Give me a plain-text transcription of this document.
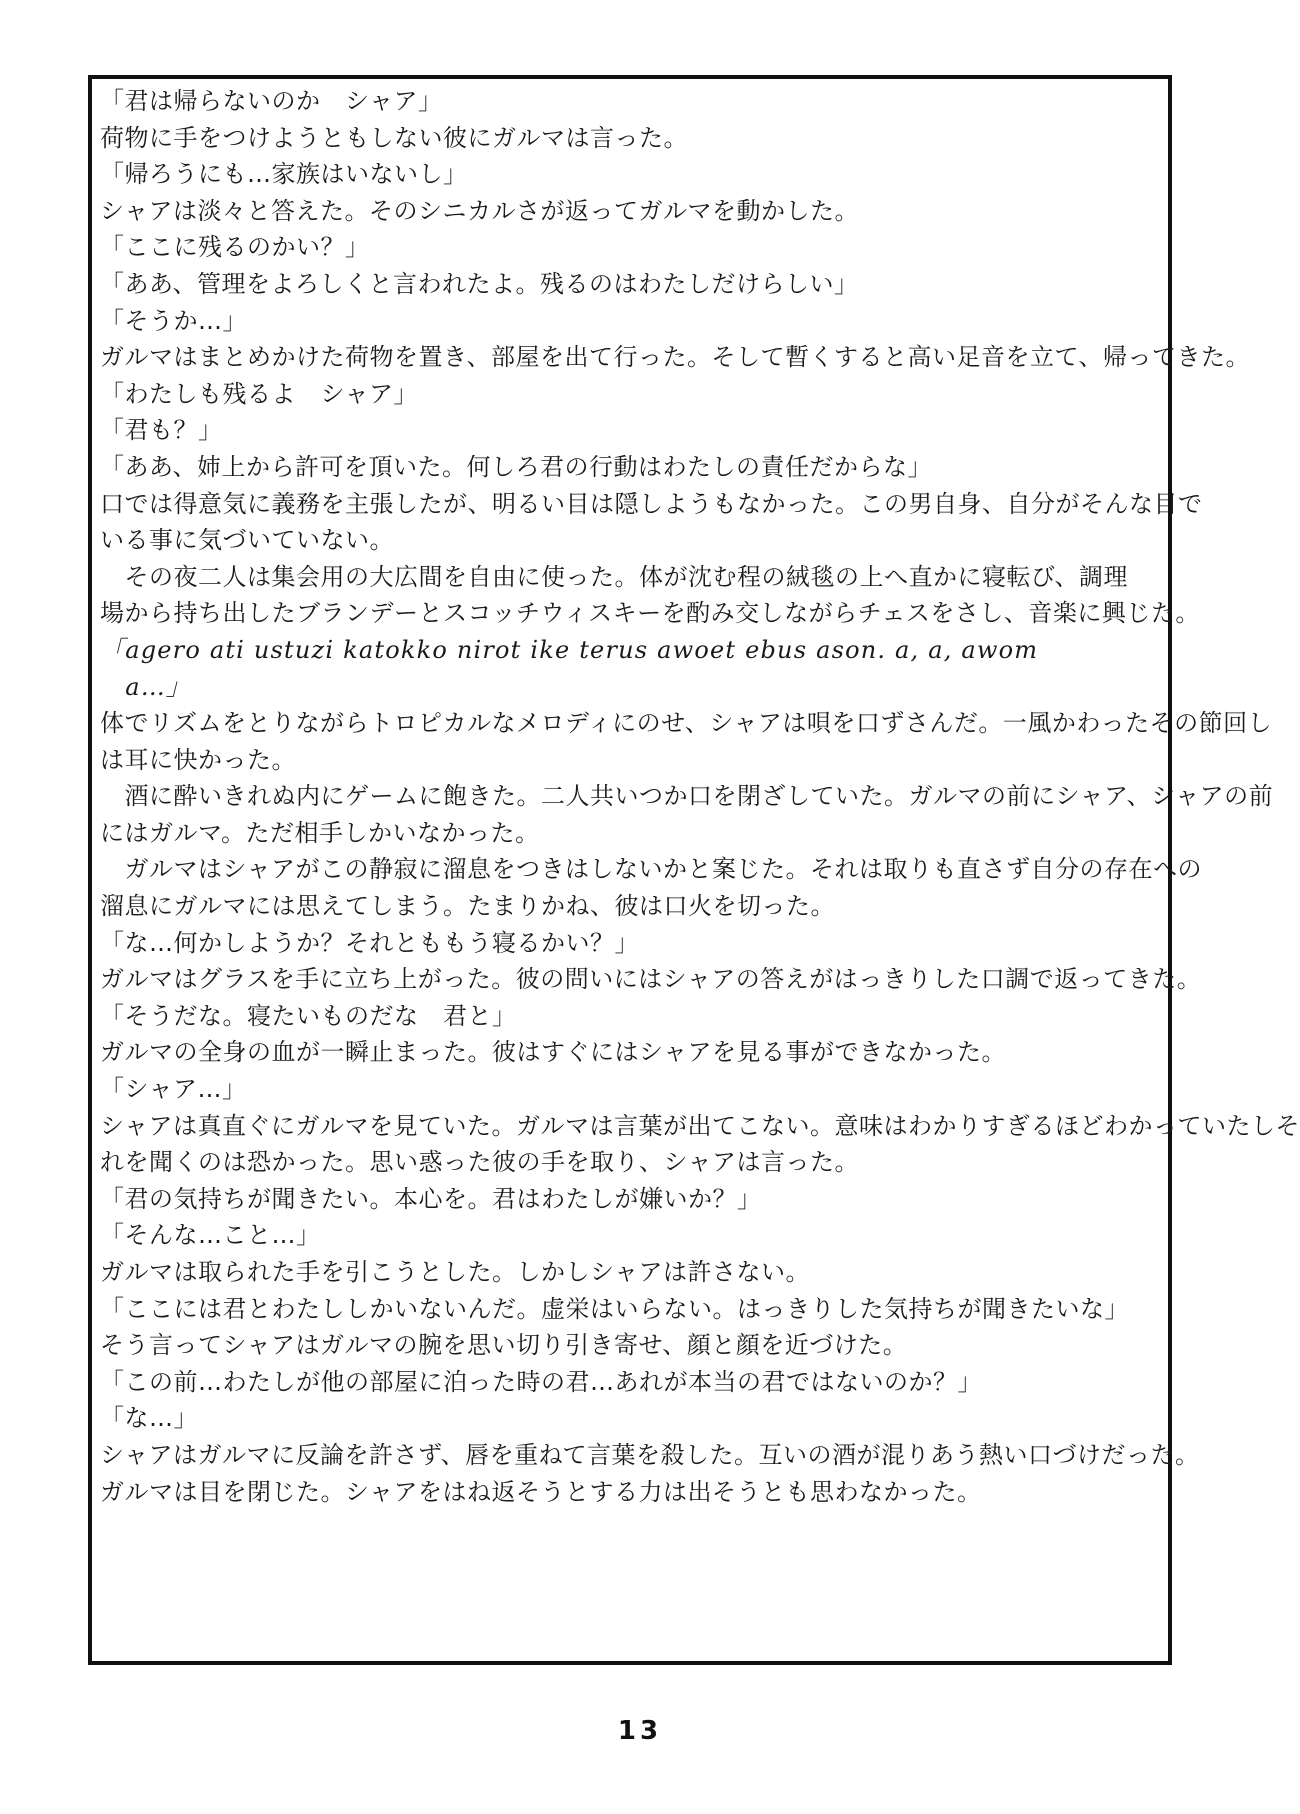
「君は帰らないのか　シャア」
荷物に手をつけようともしない彼にガルマは言った。
「帰ろうにも…家族はいないし」
シャアは淡々と答えた。そのシニカルさが返ってガルマを動かした。
「ここに残るのかい？」
「ああ、管理をよろしくと言われたよ。残るのはわたしだけらしい」
「そうか…」
ガルマはまとめかけた荷物を置き、部屋を出て行った。そして暫くすると高い足音を立て、帰ってきた。
「わたしも残るよ　シャア」
「君も？」
「ああ、姉上から許可を頂いた。何しろ君の行動はわたしの責任だからな」
口では得意気に義務を主張したが、明るい目は隠しようもなかった。この男自身、自分がそんな目で
いる事に気づいていない。
　その夜二人は集会用の大広間を自由に使った。体が沈む程の絨毯の上へ直かに寝転び、調理
場から持ち出したブランデーとスコッチウィスキーを酌み交しながらチェスをさし、音楽に興じた。
「agero ati ustuzi katokko nirot ike terus awoet ebus ason. a, a, awom
　a…」
体でリズムをとりながらトロピカルなメロディにのせ、シャアは唄を口ずさんだ。一風かわったその節回し
は耳に快かった。
　酒に酔いきれぬ内にゲームに飽きた。二人共いつか口を閉ざしていた。ガルマの前にシャア、シャアの前
にはガルマ。ただ相手しかいなかった。
　ガルマはシャアがこの静寂に溜息をつきはしないかと案じた。それは取りも直さず自分の存在への
溜息にガルマには思えてしまう。たまりかね、彼は口火を切った。
「な…何かしようか？それとももう寝るかい？」
ガルマはグラスを手に立ち上がった。彼の問いにはシャアの答えがはっきりした口調で返ってきた。
「そうだな。寝たいものだな　君と」
ガルマの全身の血が一瞬止まった。彼はすぐにはシャアを見る事ができなかった。
「シャア…」
シャアは真直ぐにガルマを見ていた。ガルマは言葉が出てこない。意味はわかりすぎるほどわかっていたしそ
れを聞くのは恐かった。思い惑った彼の手を取り、シャアは言った。
「君の気持ちが聞きたい。本心を。君はわたしが嫌いか？」
「そんな…こと…」
ガルマは取られた手を引こうとした。しかしシャアは許さない。
「ここには君とわたししかいないんだ。虚栄はいらない。はっきりした気持ちが聞きたいな」
そう言ってシャアはガルマの腕を思い切り引き寄せ、顔と顔を近づけた。
「この前…わたしが他の部屋に泊った時の君…あれが本当の君ではないのか？」
「な…」
シャアはガルマに反論を許さず、唇を重ねて言葉を殺した。互いの酒が混りあう熱い口づけだった。
ガルマは目を閉じた。シャアをはね返そうとする力は出そうとも思わなかった。
13
